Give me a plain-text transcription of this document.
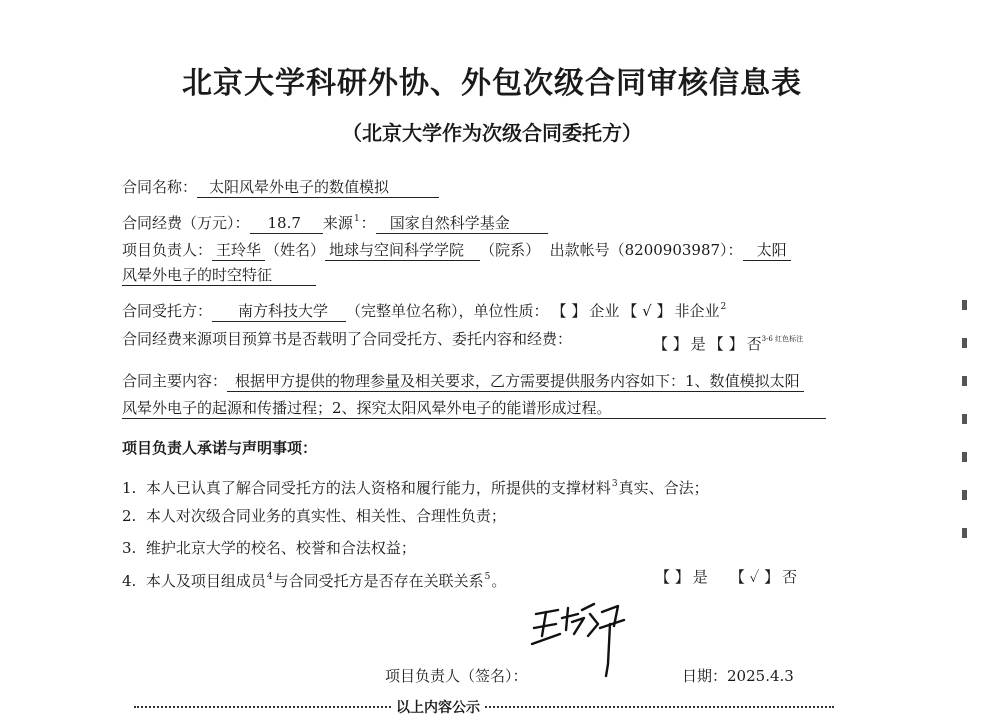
北京大学科研外协、外包次级合同审核信息表
（北京大学作为次级合同委托方）
合同名称： 太阳风晕外电子的数值模拟
合同经费（万元）： 18.7 来源$^1$： 国家自然科学基金
项目负责人： 王玲华 （姓名） 地球与空间科学学院 （院系） 出款帐号（8200903987）： 太阳
风晕外电子的时空特征
合同受托方： 南方科技大学 （完整单位名称），单位性质： 【 】 企业 【 √ 】 非企业$^2$
合同经费来源项目预算书是否载明了合同受托方、委托内容和经费：	【 】 是 【 】 否$^{3-6 红色标注}$
合同主要内容： 根据甲方提供的物理参量及相关要求，乙方需要提供服务内容如下：1、数值模拟太阳
风晕外电子的起源和传播过程；2、探究太阳风晕外电子的能谱形成过程。
项目负责人承诺与声明事项：
1. 本人已认真了解合同受托方的法人资格和履行能力，所提供的支撑材料$^3$真实、合法；
2. 本人对次级合同业务的真实性、相关性、合理性负责；
3. 维护北京大学的校名、校誉和合法权益；
4. 本人及项目组成员$^4$与合同受托方是否存在关联关系$^5$。	【 】 是 【 ✓ 】 否
项目负责人（签名）：	日期：2025.4.3
以上内容公示
